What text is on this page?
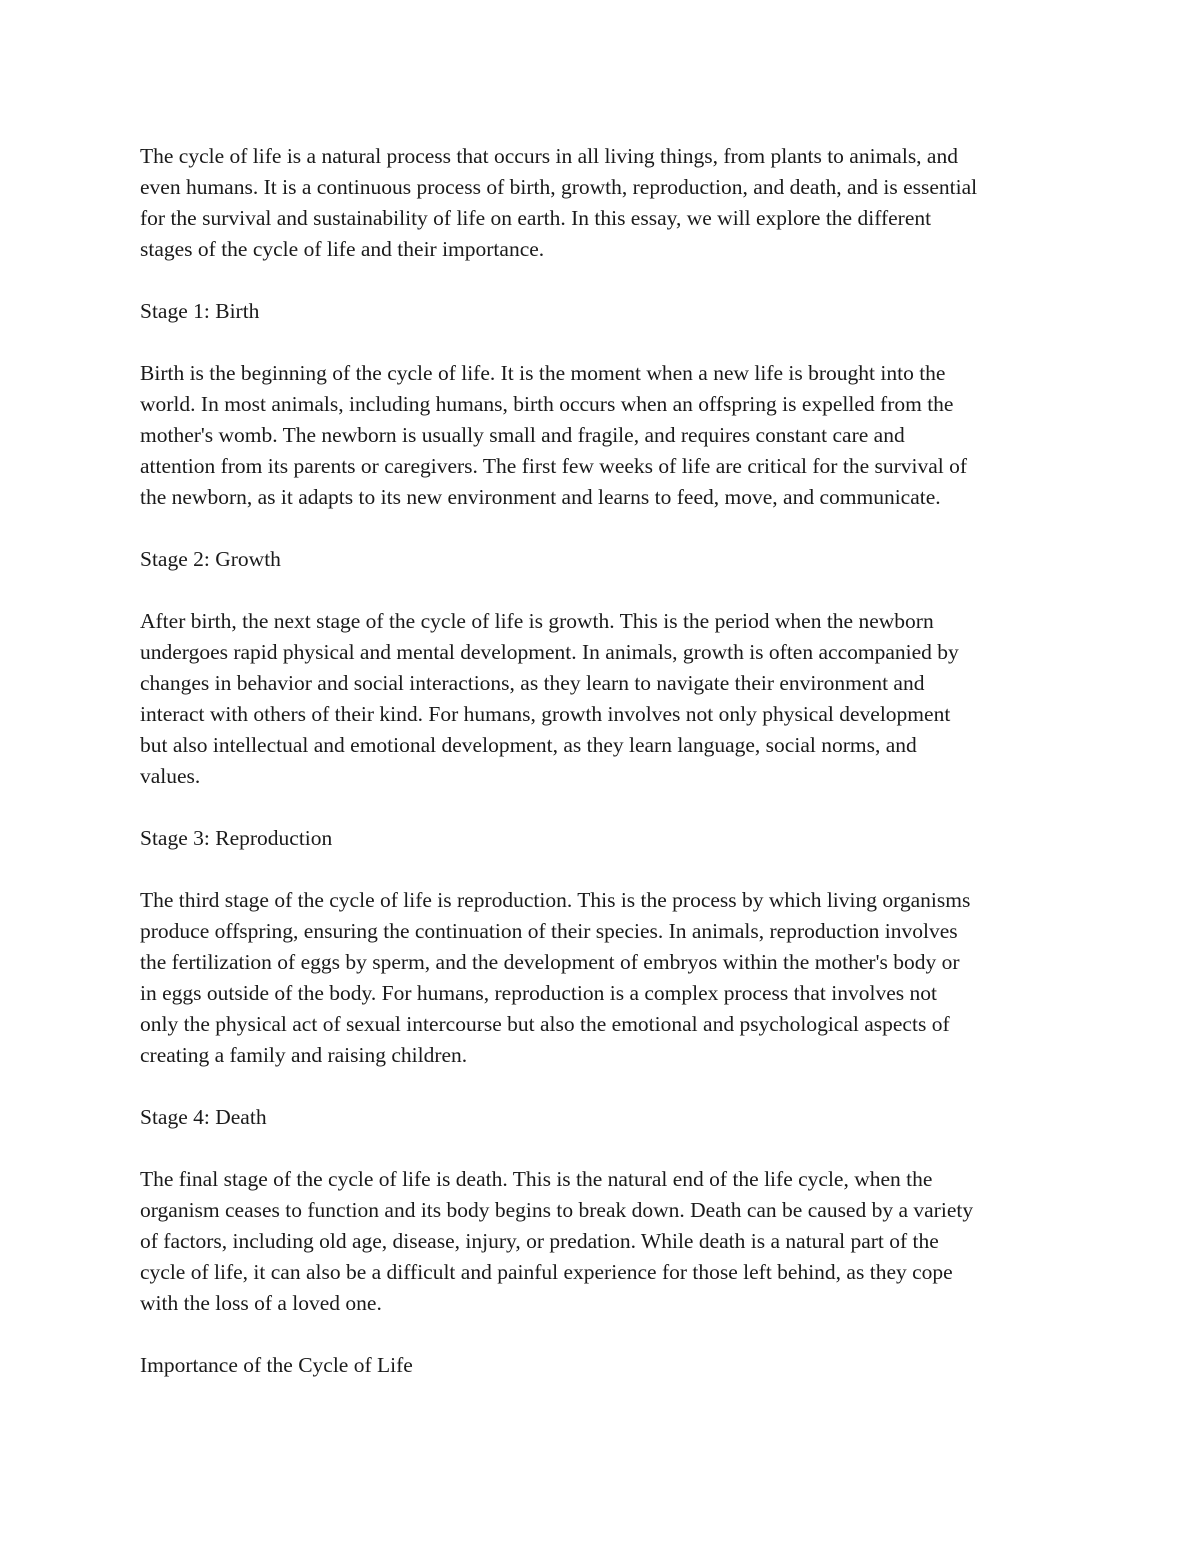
The cycle of life is a natural process that occurs in all living things, from plants to animals, and
even humans. It is a continuous process of birth, growth, reproduction, and death, and is essential
for the survival and sustainability of life on earth. In this essay, we will explore the different
stages of the cycle of life and their importance.

Stage 1: Birth

Birth is the beginning of the cycle of life. It is the moment when a new life is brought into the
world. In most animals, including humans, birth occurs when an offspring is expelled from the
mother's womb. The newborn is usually small and fragile, and requires constant care and
attention from its parents or caregivers. The first few weeks of life are critical for the survival of
the newborn, as it adapts to its new environment and learns to feed, move, and communicate.

Stage 2: Growth

After birth, the next stage of the cycle of life is growth. This is the period when the newborn
undergoes rapid physical and mental development. In animals, growth is often accompanied by
changes in behavior and social interactions, as they learn to navigate their environment and
interact with others of their kind. For humans, growth involves not only physical development
but also intellectual and emotional development, as they learn language, social norms, and
values.

Stage 3: Reproduction

The third stage of the cycle of life is reproduction. This is the process by which living organisms
produce offspring, ensuring the continuation of their species. In animals, reproduction involves
the fertilization of eggs by sperm, and the development of embryos within the mother's body or
in eggs outside of the body. For humans, reproduction is a complex process that involves not
only the physical act of sexual intercourse but also the emotional and psychological aspects of
creating a family and raising children.

Stage 4: Death

The final stage of the cycle of life is death. This is the natural end of the life cycle, when the
organism ceases to function and its body begins to break down. Death can be caused by a variety
of factors, including old age, disease, injury, or predation. While death is a natural part of the
cycle of life, it can also be a difficult and painful experience for those left behind, as they cope
with the loss of a loved one.

Importance of the Cycle of Life
